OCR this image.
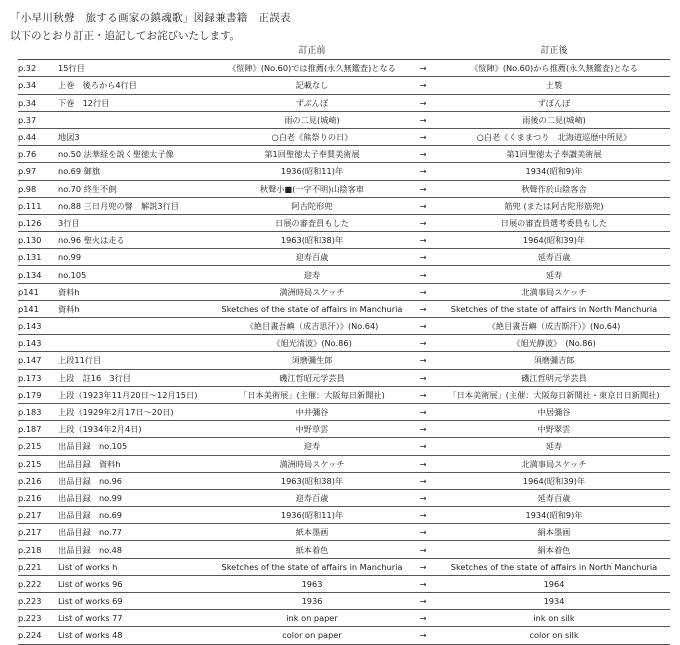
「小早川秋聲　旅する画家の鎮魂歌」図録兼書籍　正誤表
以下のとおり訂正・追記してお詫びいたします。
		訂正前		訂正後
p.32	15行目	《愷陣》(No.60)では推薦(永久無鑑査)となる	→	《愷陣》(No.60)から推薦(永久無鑑査)となる
p.34	上巻　後ろから4行目	記載なし	→	土製
p.34	下巻　12行目	ずぶんぼ	→	ずぼんぼ
p.37		雨の二見(城崎)	→	雨後の二見(城崎)
p.44	地図3	○白老《熊祭りの日》	→	○白老《くままつり　北海道巡歴中所見》
p.76	no.50 法華経を説く聖徳太子像	第1回聖徳太子奉賛美術展	→	第1回聖徳太子奉讃美術展
p.97	no.69 御旗	1936(昭和11)年	→	1934(昭和9)年
p.98	no.70 終生不倒	秋聲小■(一字不明)山陰客車	→	秋聲作於山陰客舎
p.111	no.88 三日月兜の譬　解説3行目	阿古陀形兜	→	筋兜 (または阿古陀形筋兜)
p.126	3行目	日展の審査員もした	→	日展の審査員選考委員もした
p.130	no.96 聖火は走る	1963(昭和38)年	→	1964(昭和39)年
p.131	no.99	迎寿百歳	→	延寿百歳
p.134	no.105	迎寿	→	延寿
p141	資料h	満洲時局スケッチ	→	北満事局スケッチ
p141	資料h	Sketches of the state of affairs in Manchuria	→	Sketches of the state of affairs in North Manchuria
p.143		《絶目畫吾嶼（成吉思汗）》(No.64)	→	《絶目畫吾嶼（成吉斯汗）》(No.64)
p.143		《旭光清波》(No.86)	→	《旭光静波》　(No.86)
p.147	上段11行目	須磨彌生郎	→	須磨彌吉郎
p.173	上段　註16　3行目	磯江哲昭元学芸員	→	磯江哲明元学芸員
p.179	上段（1923年11月20日～12月15日)	「日本美術展」(主催：大阪毎日新聞社)	→	「日本美術展」(主催：大阪毎日新聞社・東京日日新聞社)
p.183	上段（1929年2月17日～20日)	中井彌谷	→	中居彌谷
p.187	上段（1934年2月4日)	中野草雲	→	中野翠雲
p.215	出品目録　no.105	迎寿	→	延寿
p.215	出品目録　資料h	満洲時局スケッチ	→	北満事局スケッチ
p.216	出品目録　no.96	1963(昭和38)年	→	1964(昭和39)年
p.216	出品目録　no.99	迎寿百歳	→	延寿百歳
p.217	出品目録　no.69	1936(昭和11)年	→	1934(昭和9)年
p.217	出品目録　no.77	紙本墨画	→	絹本墨画
p.218	出品目録　no.48	紙本着色	→	絹本着色
p.221	List of works h	Sketches of the state of affairs in Manchuria	→	Sketches of the state of affairs in North Manchuria
p.222	List of works 96	1963	→	1964
p.223	List of works 69	1936	→	1934
p.223	List of works 77	ink on paper	→	ink on silk
p.224	List of works 48	color on paper	→	color on silk
